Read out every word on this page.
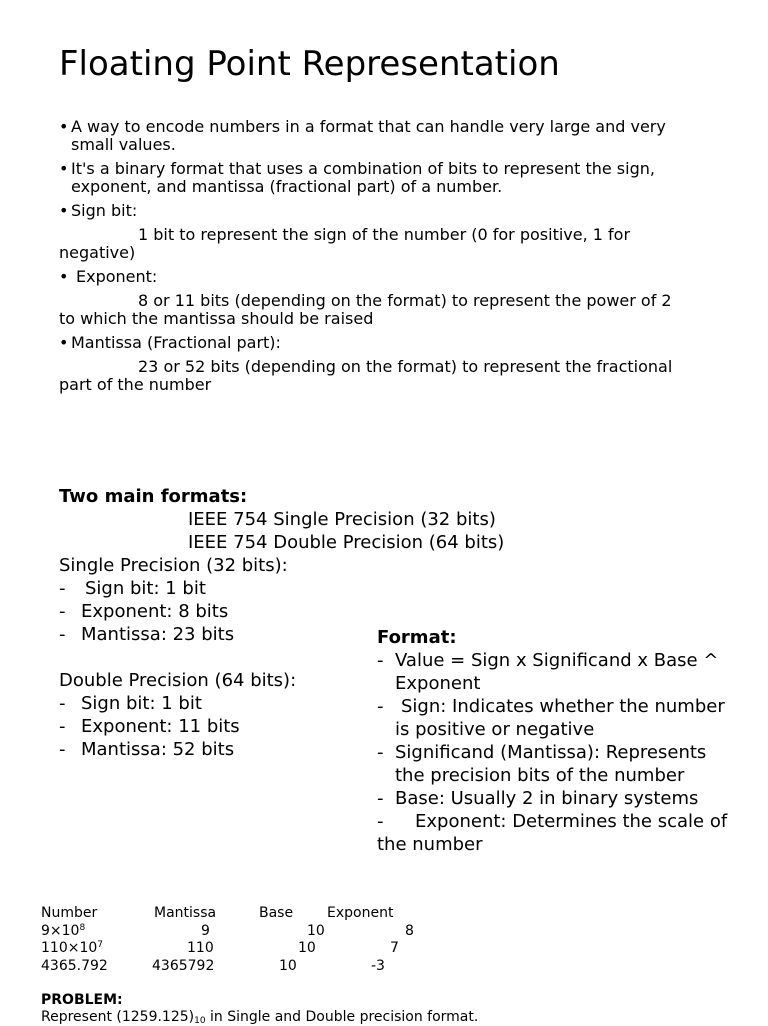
Floating Point Representation
• A way to encode numbers in a format that can handle very large and very
small values.
• It's a binary format that uses a combination of bits to represent the sign,
exponent, and mantissa (fractional part) of a number.
• Sign bit:
1 bit to represent the sign of the number (0 for positive, 1 for
negative)
• Exponent:
8 or 11 bits (depending on the format) to represent the power of 2
to which the mantissa should be raised
• Mantissa (Fractional part):
23 or 52 bits (depending on the format) to represent the fractional
part of the number
Two main formats:
IEEE 754 Single Precision (32 bits)
IEEE 754 Double Precision (64 bits)
Single Precision (32 bits):
-	Sign bit: 1 bit
- Exponent: 8 bits
- Mantissa: 23 bits
Double Precision (64 bits):
- Sign bit: 1 bit
- Exponent: 11 bits
- Mantissa: 52 bits
Format:
- Value = Sign x Significand x Base ^
Exponent
- Sign: Indicates whether the number
is positive or negative
- Significand (Mantissa): Represents
the precision bits of the number
- Base: Usually 2 in binary systems
-	Exponent: Determines the scale of
the number
Number	Mantissa	Base Exponent
$9\times 10^8$	9	10	8
$110\times 10^7$	110	10	7
4365.792	4365792	10	-3
PROBLEM:
Represent $(1259.125)_{10}$ in Single and Double precision format.
